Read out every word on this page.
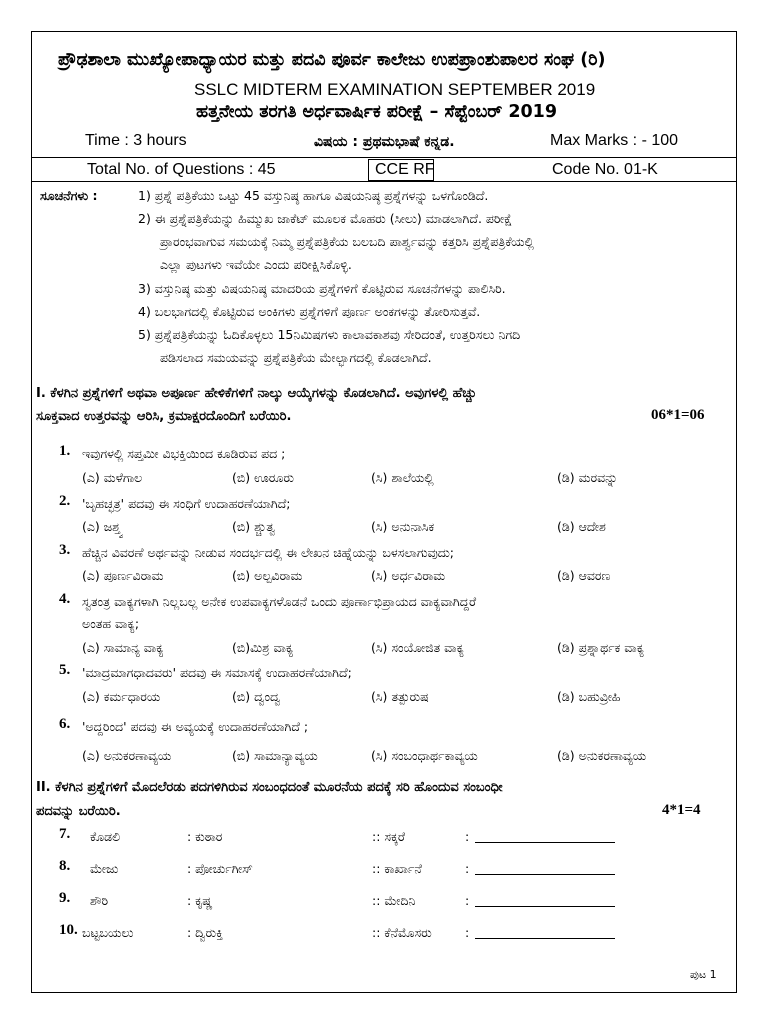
ಪ್ರೌಢಶಾಲಾ ಮುಖ್ಯೋಪಾಧ್ಯಾಯರ ಮತ್ತು ಪದವಿ ಪೂರ್ವ ಕಾಲೇಜು ಉಪಪ್ರಾಂಶುಪಾಲರ ಸಂಘ (ರಿ)
SSLC MIDTERM EXAMINATION SEPTEMBER 2019
ಹತ್ತನೇಯ ತರಗತಿ ಅರ್ಧವಾರ್ಷಿಕ ಪರೀಕ್ಷೆ – ಸೆಪ್ಟೆಂಬರ್ 2019
Time : 3 hours	ವಿಷಯ : ಪ್ರಥಮಭಾಷೆ ಕನ್ನಡ.	Max Marks : - 100
Total No. of Questions : 45	CCE RF	Code No. 01-K
ಸೂಚನೆಗಳು :	1) ಪ್ರಶ್ನೆ ಪತ್ರಿಕೆಯು ಒಟ್ಟು 45 ವಸ್ತುನಿಷ್ಠ ಹಾಗೂ ವಿಷಯನಿಷ್ಠ ಪ್ರಶ್ನೆಗಳನ್ನು ಒಳಗೊಂಡಿದೆ.
2) ಈ ಪ್ರಶ್ನೆಪತ್ರಿಕೆಯನ್ನು ಹಿಮ್ಮುಖ ಜಾಕೆಟ್ ಮೂಲಕ ಮೊಹರು (ಸೀಲು) ಮಾಡಲಾಗಿದೆ. ಪರೀಕ್ಷೆ
ಪ್ರಾರಂಭವಾಗುವ ಸಮಯಕ್ಕೆ ನಿಮ್ಮ ಪ್ರಶ್ನೆಪತ್ರಿಕೆಯ ಬಲಬದಿ ಪಾರ್ಶ್ವವನ್ನು ಕತ್ತರಿಸಿ ಪ್ರಶ್ನೆಪತ್ರಿಕೆಯಲ್ಲಿ
ಎಲ್ಲಾ ಪುಟಗಳು ಇವೆಯೇ ಎಂದು ಪರೀಕ್ಷಿಸಿಕೊಳ್ಳಿ.
3) ವಸ್ತುನಿಷ್ಠ ಮತ್ತು ವಿಷಯನಿಷ್ಠ ಮಾದರಿಯ ಪ್ರಶ್ನೆಗಳಿಗೆ ಕೊಟ್ಟಿರುವ ಸೂಚನೆಗಳನ್ನು ಪಾಲಿಸಿರಿ.
4) ಬಲಭಾಗದಲ್ಲಿ ಕೊಟ್ಟಿರುವ ಅಂಕಿಗಳು ಪ್ರಶ್ನೆಗಳಿಗೆ ಪೂರ್ಣ ಅಂಕಗಳನ್ನು ತೋರಿಸುತ್ತವೆ.
5) ಪ್ರಶ್ನೆಪತ್ರಿಕೆಯನ್ನು ಓದಿಕೊಳ್ಳಲು 15ನಿಮಿಷಗಳು ಕಾಲಾವಕಾಶವು ಸೇರಿದಂತೆ, ಉತ್ತರಿಸಲು ನಿಗದಿ
ಪಡಿಸಲಾದ ಸಮಯವನ್ನು ಪ್ರಶ್ನೆಪತ್ರಿಕೆಯ ಮೇಲ್ಭಾಗದಲ್ಲಿ ಕೊಡಲಾಗಿದೆ.
I. ಕೆಳಗಿನ ಪ್ರಶ್ನೆಗಳಿಗೆ ಅಥವಾ ಅಪೂರ್ಣ ಹೇಳಿಕೆಗಳಿಗೆ ನಾಲ್ಕು ಆಯ್ಕೆಗಳನ್ನು ಕೊಡಲಾಗಿದೆ. ಅವುಗಳಲ್ಲಿ ಹೆಚ್ಚು
ಸೂಕ್ತವಾದ ಉತ್ತರವನ್ನು ಆರಿಸಿ, ಕ್ರಮಾಕ್ಷರದೊಂದಿಗೆ ಬರೆಯಿರಿ.	06*1=06
1. ಇವುಗಳಲ್ಲಿ ಸಪ್ತಮೀ ವಿಭಕ್ತಿಯಿಂದ ಕೂಡಿರುವ ಪದ ;
(ಎ) ಮಳೆಗಾಲ	(ಬಿ) ಊರೂರು	(ಸಿ) ಶಾಲೆಯಲ್ಲಿ	(ಡಿ) ಮರವನ್ನು
2. 'ಬೃಹಚ್ಛತ್ರ' ಪದವು ಈ ಸಂಧಿಗೆ ಉದಾಹರಣೆಯಾಗಿದೆ;
(ಎ) ಜಶ್ತ್ವ	(ಬಿ) ಶ್ಚುತ್ವ	(ಸಿ) ಅನುನಾಸಿಕ	(ಡಿ) ಆದೇಶ
3. ಹೆಚ್ಚಿನ ವಿವರಣೆ ಅರ್ಥವನ್ನು ನೀಡುವ ಸಂದರ್ಭದಲ್ಲಿ ಈ ಲೇಖನ ಚಿಹ್ನೆಯನ್ನು ಬಳಸಲಾಗುವುದು;
(ಎ) ಪೂರ್ಣವಿರಾಮ	(ಬಿ) ಅಲ್ಪವಿರಾಮ	(ಸಿ) ಅರ್ಧವಿರಾಮ	(ಡಿ) ಆವರಣ
4. ಸ್ವತಂತ್ರ ವಾಕ್ಯಗಳಾಗಿ ನಿಲ್ಲಬಲ್ಲ ಅನೇಕ ಉಪವಾಕ್ಯಗಳೊಡನೆ ಒಂದು ಪೂರ್ಣಾಭಿಪ್ರಾಯದ ವಾಕ್ಯವಾಗಿದ್ದರೆ
ಅಂತಹ ವಾಕ್ಯ;
(ಎ) ಸಾಮಾನ್ಯ ವಾಕ್ಯ	(ಬಿ)ಮಿಶ್ರ ವಾಕ್ಯ	(ಸಿ) ಸಂಯೋಜಿತ ವಾಕ್ಯ	(ಡಿ) ಪ್ರಶ್ನಾರ್ಥಕ ವಾಕ್ಯ
5. 'ಮಾದ್ರಮಾಗಧಾದವರು' ಪದವು ಈ ಸಮಾಸಕ್ಕೆ ಉದಾಹರಣೆಯಾಗಿದೆ;
(ಎ) ಕರ್ಮಧಾರಯ	(ಬಿ) ದ್ವಂದ್ವ	(ಸಿ) ತತ್ಪುರುಷ	(ಡಿ) ಬಹುವ್ರೀಹಿ
6. 'ಅದ್ದರಿಂದ' ಪದವು ಈ ಅವ್ಯಯಕ್ಕೆ ಉದಾಹರಣೆಯಾಗಿದೆ ;
(ಎ) ಅನುಕರಣಾವ್ಯಯ	(ಬಿ) ಸಾಮಾನ್ಯಾವ್ಯಯ	(ಸಿ) ಸಂಬಂಧಾರ್ಥಕಾವ್ಯಯ	(ಡಿ) ಅನುಕರಣಾವ್ಯಯ
II. ಕೆಳಗಿನ ಪ್ರಶ್ನೆಗಳಿಗೆ ಮೊದಲೆರಡು ಪದಗಳಿಗಿರುವ ಸಂಬಂಧದಂತೆ ಮೂರನೆಯ ಪದಕ್ಕೆ ಸರಿ ಹೊಂದುವ ಸಂಬಂಧೀ
ಪದವನ್ನು ಬರೆಯಿರಿ.	4*1=4
7. ಕೊಡಲಿ	: ಕುಠಾರ	:: ಸಕ್ಕರೆ	:
8. ಮೇಜು	: ಪೋರ್ಚುಗೀಸ್	:: ಕಾರ್ಖಾನೆ	:
9. ಶೌರಿ	: ಕೃಷ್ಣ	:: ಮೇದಿನಿ	:
10. ಬಟ್ಟಬಯಲು	: ದ್ವಿರುಕ್ತಿ	:: ಕೆನೆಮೊಸರು	:
ಪುಟ 1
